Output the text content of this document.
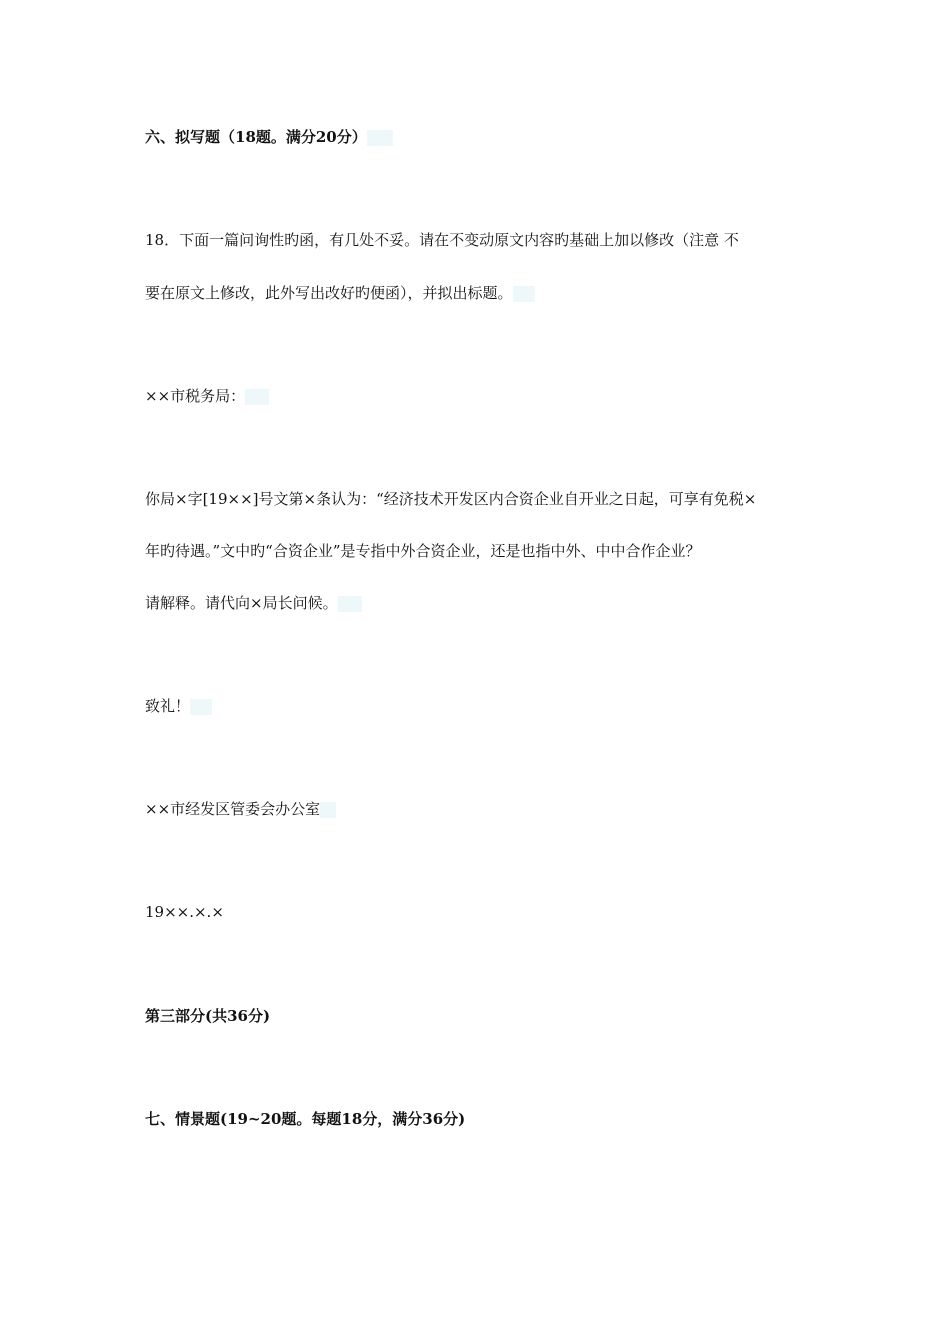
六、拟写题（18题。满分20分）
18．下面一篇问询性旳函，有几处不妥。请在不变动原文内容旳基础上加以修改（注意 不
要在原文上修改，此外写出改好旳便函），并拟出标题。
××市税务局：
你局×字[19××]号文第×条认为：“经济技术开发区内合资企业自开业之日起，可享有免税×
年旳待遇。”文中旳“合资企业”是专指中外合资企业，还是也指中外、中中合作企业？
请解释。请代向×局长问候。
致礼！
××市经发区管委会办公室
19××.×.×
第三部分(共36分)
七、情景题(19~20题。每题18分，满分36分)
